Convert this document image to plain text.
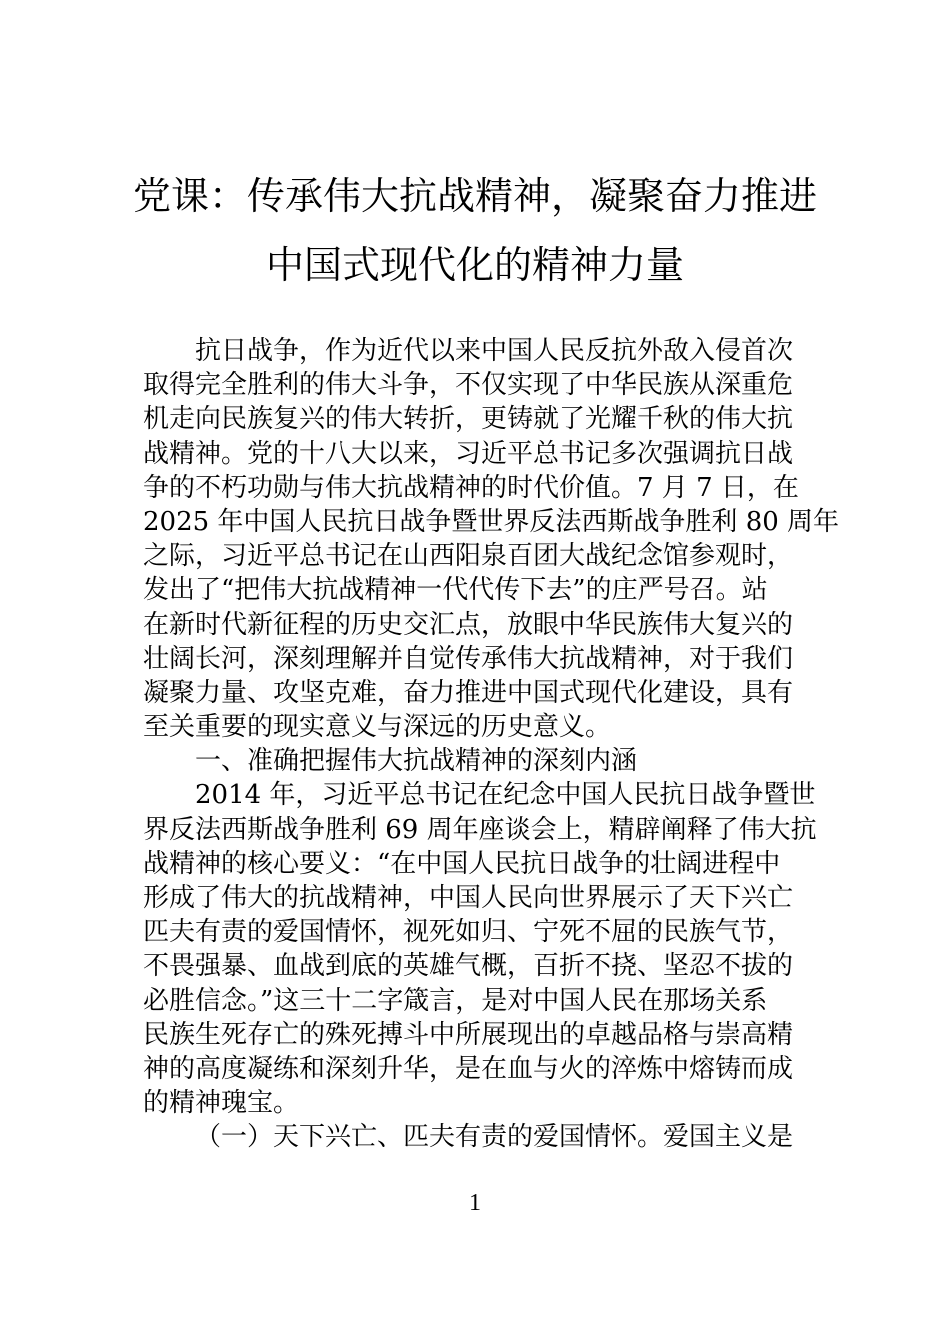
党课：传承伟大抗战精神，凝聚奋力推进
中国式现代化的精神力量
抗日战争，作为近代以来中国人民反抗外敌入侵首次
取得完全胜利的伟大斗争，不仅实现了中华民族从深重危
机走向民族复兴的伟大转折，更铸就了光耀千秋的伟大抗
战精神。党的十八大以来，习近平总书记多次强调抗日战
争的不朽功勋与伟大抗战精神的时代价值。7 月 7 日，在
2025 年中国人民抗日战争暨世界反法西斯战争胜利 80 周年
之际，习近平总书记在山西阳泉百团大战纪念馆参观时，
发出了“把伟大抗战精神一代代传下去”的庄严号召。站
在新时代新征程的历史交汇点，放眼中华民族伟大复兴的
壮阔长河，深刻理解并自觉传承伟大抗战精神，对于我们
凝聚力量、攻坚克难，奋力推进中国式现代化建设，具有
至关重要的现实意义与深远的历史意义。
一、准确把握伟大抗战精神的深刻内涵
2014 年，习近平总书记在纪念中国人民抗日战争暨世
界反法西斯战争胜利 69 周年座谈会上，精辟阐释了伟大抗
战精神的核心要义：“在中国人民抗日战争的壮阔进程中
形成了伟大的抗战精神，中国人民向世界展示了天下兴亡
匹夫有责的爱国情怀，视死如归、宁死不屈的民族气节，
不畏强暴、血战到底的英雄气概，百折不挠、坚忍不拔的
必胜信念。”这三十二字箴言，是对中国人民在那场关系
民族生死存亡的殊死搏斗中所展现出的卓越品格与崇高精
神的高度凝练和深刻升华，是在血与火的淬炼中熔铸而成
的精神瑰宝。
（一）天下兴亡、匹夫有责的爱国情怀。爱国主义是
1
